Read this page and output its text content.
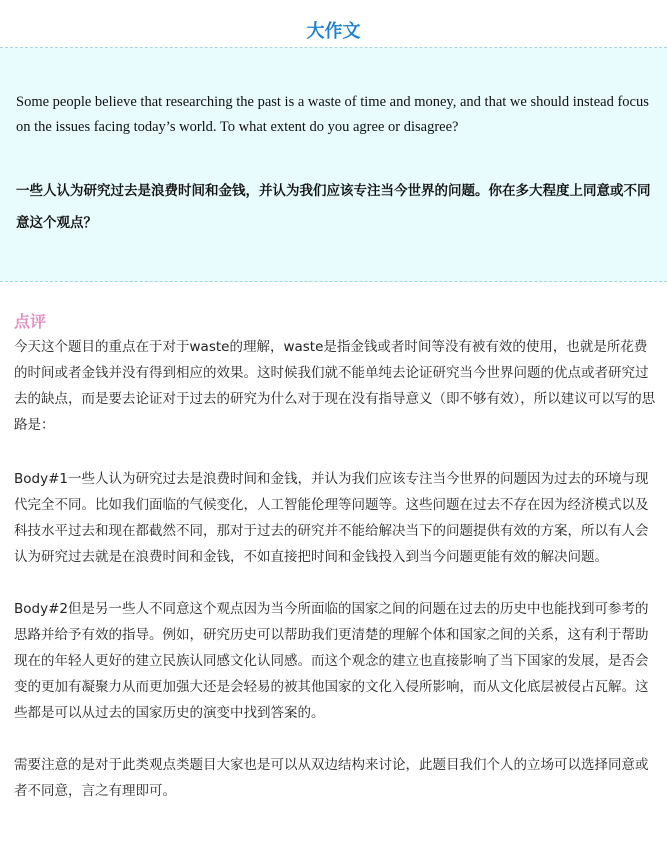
大作文
Some people believe that researching the past is a waste of time and money, and that we should instead focus on the issues facing today’s world. To what extent do you agree or disagree?
一些人认为研究过去是浪费时间和金钱，并认为我们应该专注当今世界的问题。你在多大程度上同意或不同意这个观点？
点评

今天这个题目的重点在于对于waste的理解，waste是指金钱或者时间等没有被有效的使用，也就是所花费的时间或者金钱并没有得到相应的效果。这时候我们就不能单纯去论证研究当今世界问题的优点或者研究过去的缺点，而是要去论证对于过去的研究为什么对于现在没有指导意义（即不够有效），所以建议可以写的思路是：

Body#1一些人认为研究过去是浪费时间和金钱，并认为我们应该专注当今世界的问题因为过去的环境与现代完全不同。比如我们面临的气候变化，人工智能伦理等问题等。这些问题在过去不存在因为经济模式以及科技水平过去和现在都截然不同，那对于过去的研究并不能给解决当下的问题提供有效的方案，所以有人会认为研究过去就是在浪费时间和金钱，不如直接把时间和金钱投入到当今问题更能有效的解决问题。

Body#2但是另一些人不同意这个观点因为当今所面临的国家之间的问题在过去的历史中也能找到可参考的思路并给予有效的指导。例如，研究历史可以帮助我们更清楚的理解个体和国家之间的关系，这有利于帮助现在的年轻人更好的建立民族认同感文化认同感。而这个观念的建立也直接影响了当下国家的发展，是否会变的更加有凝聚力从而更加强大还是会轻易的被其他国家的文化入侵所影响，而从文化底层被侵占瓦解。这些都是可以从过去的国家历史的演变中找到答案的。

需要注意的是对于此类观点类题目大家也是可以从双边结构来讨论，此题目我们个人的立场可以选择同意或者不同意，言之有理即可。
